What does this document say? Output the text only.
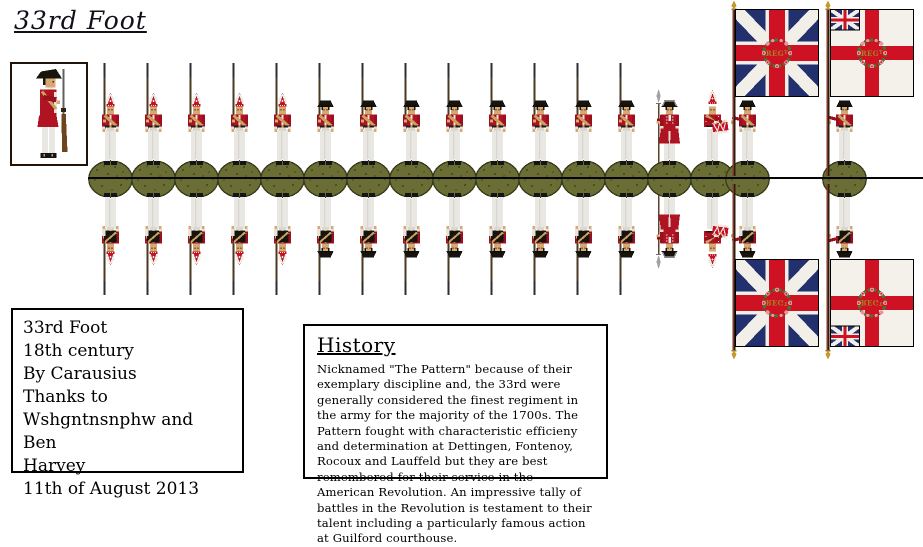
33rd Foot
33rd Foot
18th century
By Carausius
Thanks to
Wshgntnsnphw and Ben
Harvey
11th of August 2013
History
Nicknamed "The Pattern" because of their exemplary discipline and, the 33rd were generally considered the finest regiment in the army for the majority of the 1700s. The Pattern fought with characteristic efficieny and determination at Dettingen, Fontenoy, Rocoux and Lauffeld but they are best remembered for their service in the American Revolution. An impressive tally of battles in the Revolution is testament to their talent including a particularly famous action at Guilford courthouse.
